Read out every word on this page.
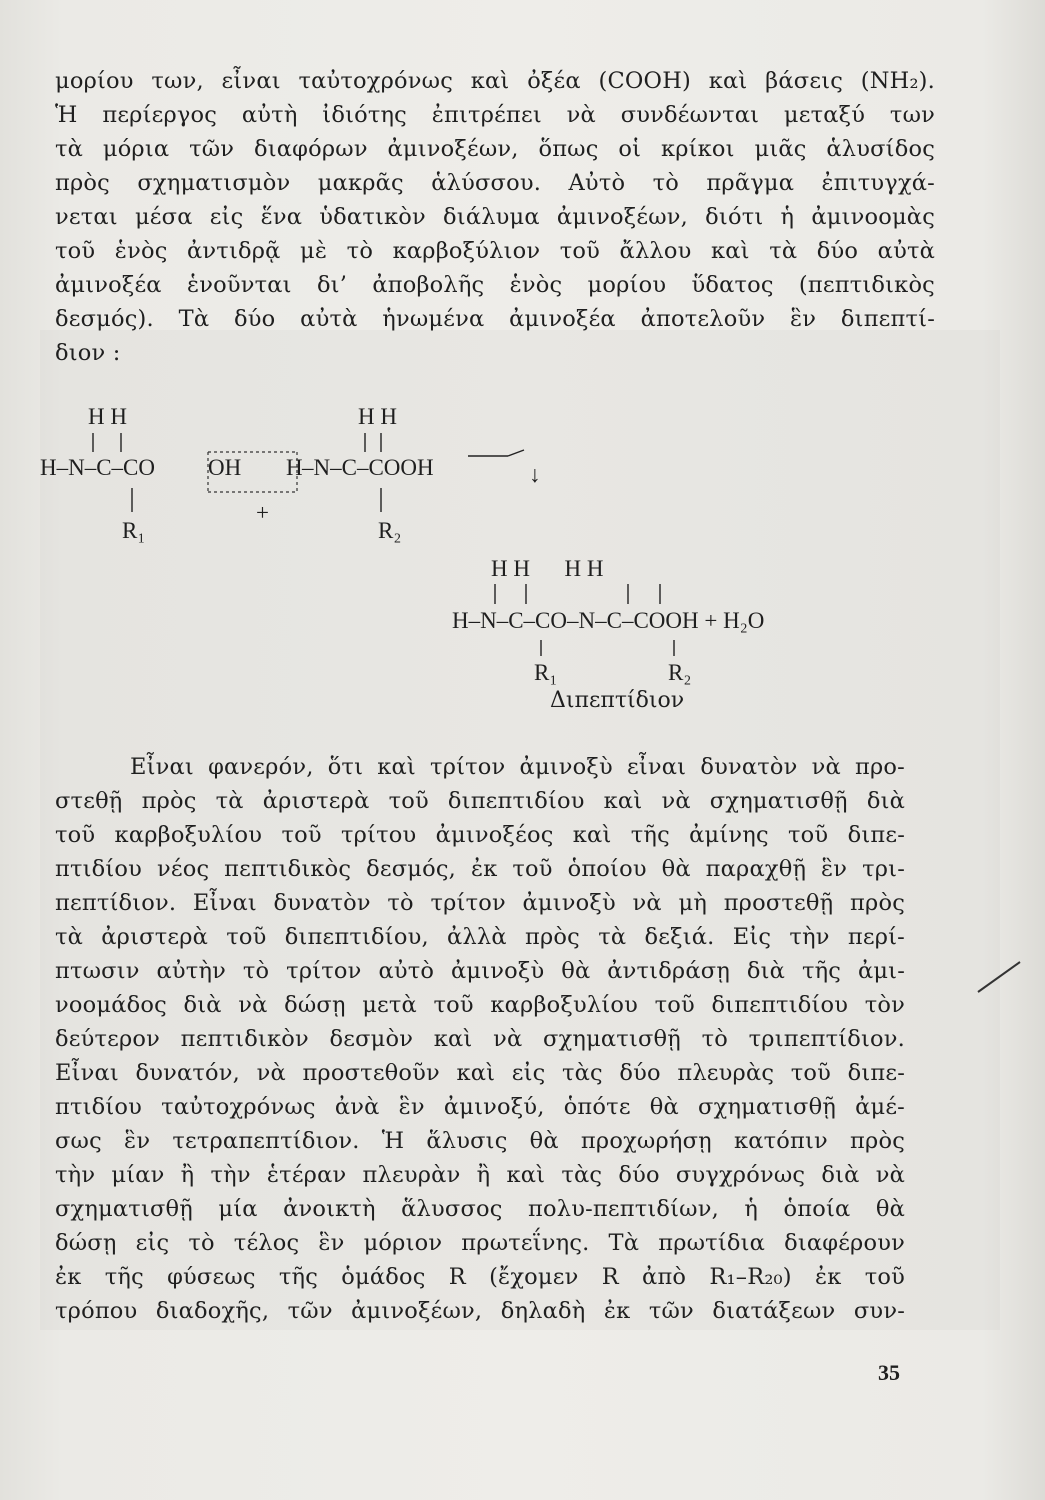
μορίου των, εἶναι ταὐτοχρόνως καὶ ὀξέα (COOH) καὶ βάσεις (NH₂).
Ἡ περίεργος αὐτὴ ἰδιότης ἐπιτρέπει νὰ συνδέωνται μεταξύ των
τὰ μόρια τῶν διαφόρων ἀμινοξέων, ὅπως οἱ κρίκοι μιᾶς ἁλυσίδος
πρὸς σχηματισμὸν μακρᾶς ἁλύσσου. Αὐτὸ τὸ πρᾶγμα ἐπιτυγχά-
νεται μέσα εἰς ἕνα ὑδατικὸν διάλυμα ἀμινοξέων, διότι ἡ ἀμινοομὰς
τοῦ ἑνὸς ἀντιδρᾷ μὲ τὸ καρβοξύλιον τοῦ ἄλλου καὶ τὰ δύο αὐτὰ
ἀμινοξέα ἑνοῦνται δι’ ἀποβολῆς ἑνὸς μορίου ὕδατος (πεπτιδικὸς
δεσμός). Τὰ δύο αὐτὰ ἡνωμένα ἀμινοξέα ἀποτελοῦν ἓν διπεπτί-
διον :
H H
H–N–C–CO OH
R₁
+
H H
H –N–C–COOH
R₂
↓
H H      H H
H–N–C–CO–N–C–COOH + H₂O
R₁	R₂
Διπεπτίδιον
Εἶναι φανερόν, ὅτι καὶ τρίτον ἀμινοξὺ εἶναι δυνατὸν νὰ προ-
στεθῇ πρὸς τὰ ἀριστερὰ τοῦ διπεπτιδίου καὶ νὰ σχηματισθῇ διὰ
τοῦ καρβοξυλίου τοῦ τρίτου ἀμινοξέος καὶ τῆς ἀμίνης τοῦ διπε-
πτιδίου νέος πεπτιδικὸς δεσμός, ἐκ τοῦ ὁποίου θὰ παραχθῇ ἓν τρι-
πεπτίδιον. Εἶναι δυνατὸν τὸ τρίτον ἀμινοξὺ νὰ μὴ προστεθῇ πρὸς
τὰ ἀριστερὰ τοῦ διπεπτιδίου, ἀλλὰ πρὸς τὰ δεξιά. Εἰς τὴν περί-
πτωσιν αὐτὴν τὸ τρίτον αὐτὸ ἀμινοξὺ θὰ ἀντιδράσῃ διὰ τῆς ἀμι-
νοομάδος διὰ νὰ δώσῃ μετὰ τοῦ καρβοξυλίου τοῦ διπεπτιδίου τὸν
δεύτερον πεπτιδικὸν δεσμὸν καὶ νὰ σχηματισθῇ τὸ τριπεπτίδιον.
Εἶναι δυνατόν, νὰ προστεθοῦν καὶ εἰς τὰς δύο πλευρὰς τοῦ διπε-
πτιδίου ταὐτοχρόνως ἀνὰ ἓν ἀμινοξύ, ὁπότε θὰ σχηματισθῇ ἀμέ-
σως ἓν τετραπεπτίδιον. Ἡ ἅλυσις θὰ προχωρήσῃ κατόπιν πρὸς
τὴν μίαν ἢ τὴν ἑτέραν πλευρὰν ἢ καὶ τὰς δύο συγχρόνως διὰ νὰ
σχηματισθῇ μία ἀνοικτὴ ἅλυσσος πολυ-πεπτιδίων, ἡ ὁποία θὰ
δώσῃ εἰς τὸ τέλος ἓν μόριον πρωτεΐνης. Τὰ πρωτίδια διαφέρουν
ἐκ τῆς φύσεως τῆς ὁμάδος R (ἔχομεν R ἀπὸ R₁–R₂₀) ἐκ τοῦ
τρόπου διαδοχῆς, τῶν ἀμινοξέων, δηλαδὴ ἐκ τῶν διατάξεων συν-
35
